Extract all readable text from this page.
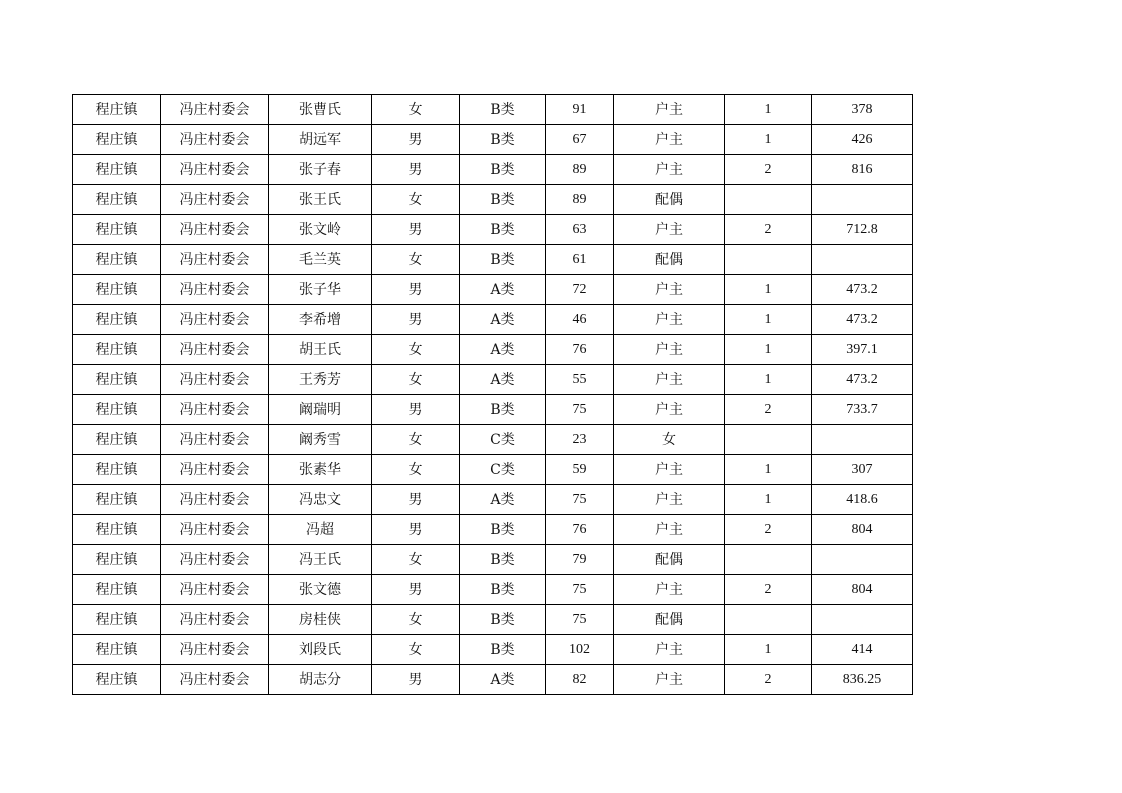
程庄镇	冯庄村委会	张曹氏	女	B类	91	户主	1	378
程庄镇	冯庄村委会	胡远军	男	B类	67	户主	1	426
程庄镇	冯庄村委会	张子春	男	B类	89	户主	2	816
程庄镇	冯庄村委会	张王氏	女	B类	89	配偶		
程庄镇	冯庄村委会	张文岭	男	B类	63	户主	2	712.8
程庄镇	冯庄村委会	毛兰英	女	B类	61	配偶		
程庄镇	冯庄村委会	张子华	男	A类	72	户主	1	473.2
程庄镇	冯庄村委会	李希增	男	A类	46	户主	1	473.2
程庄镇	冯庄村委会	胡王氏	女	A类	76	户主	1	397.1
程庄镇	冯庄村委会	王秀芳	女	A类	55	户主	1	473.2
程庄镇	冯庄村委会	阚瑞明	男	B类	75	户主	2	733.7
程庄镇	冯庄村委会	阚秀雪	女	C类	23	女		
程庄镇	冯庄村委会	张素华	女	C类	59	户主	1	307
程庄镇	冯庄村委会	冯忠文	男	A类	75	户主	1	418.6
程庄镇	冯庄村委会	冯超	男	B类	76	户主	2	804
程庄镇	冯庄村委会	冯王氏	女	B类	79	配偶		
程庄镇	冯庄村委会	张文德	男	B类	75	户主	2	804
程庄镇	冯庄村委会	房桂侠	女	B类	75	配偶		
程庄镇	冯庄村委会	刘段氏	女	B类	102	户主	1	414
程庄镇	冯庄村委会	胡志分	男	A类	82	户主	2	836.25
